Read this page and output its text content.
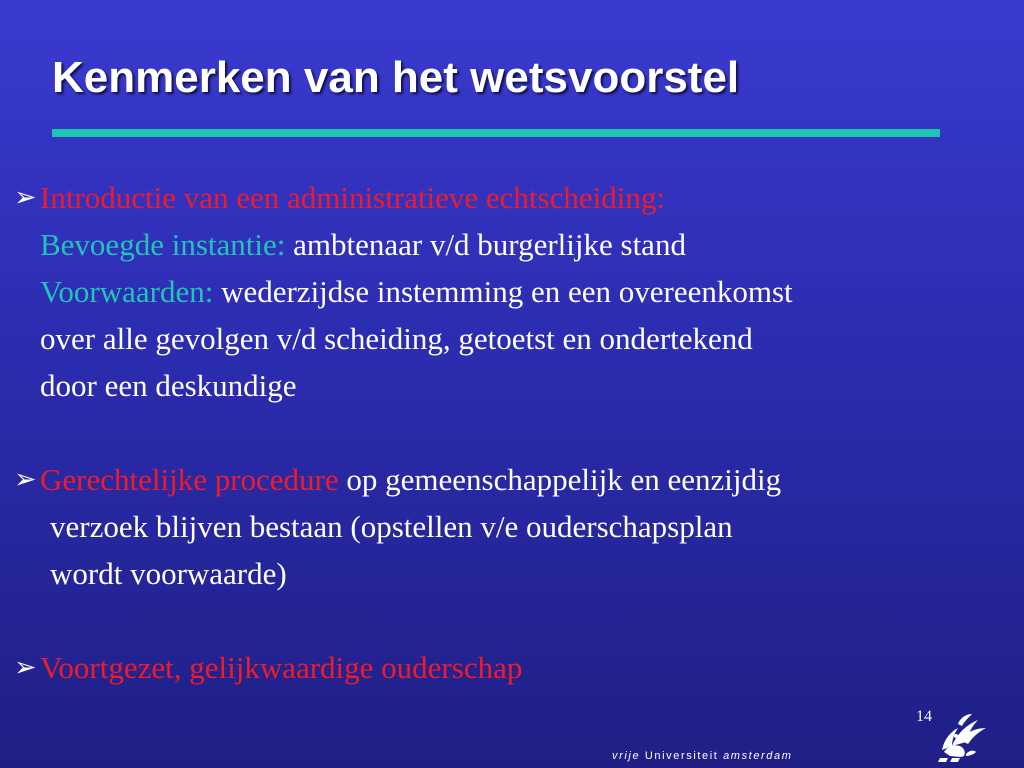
Kenmerken van het wetsvoorstel
➢ Introductie van een administratieve echtscheiding:
Bevoegde instantie: ambtenaar v/d burgerlijke stand
Voorwaarden: wederzijdse instemming en een overeenkomst
over alle gevolgen v/d scheiding, getoetst en ondertekend
door een deskundige
➢ Gerechtelijke procedure op gemeenschappelijk en eenzijdig
verzoek blijven bestaan (opstellen v/e ouderschapsplan
wordt voorwaarde)
➢ Voortgezet, gelijkwaardige ouderschap
14
vrije Universiteit amsterdam
